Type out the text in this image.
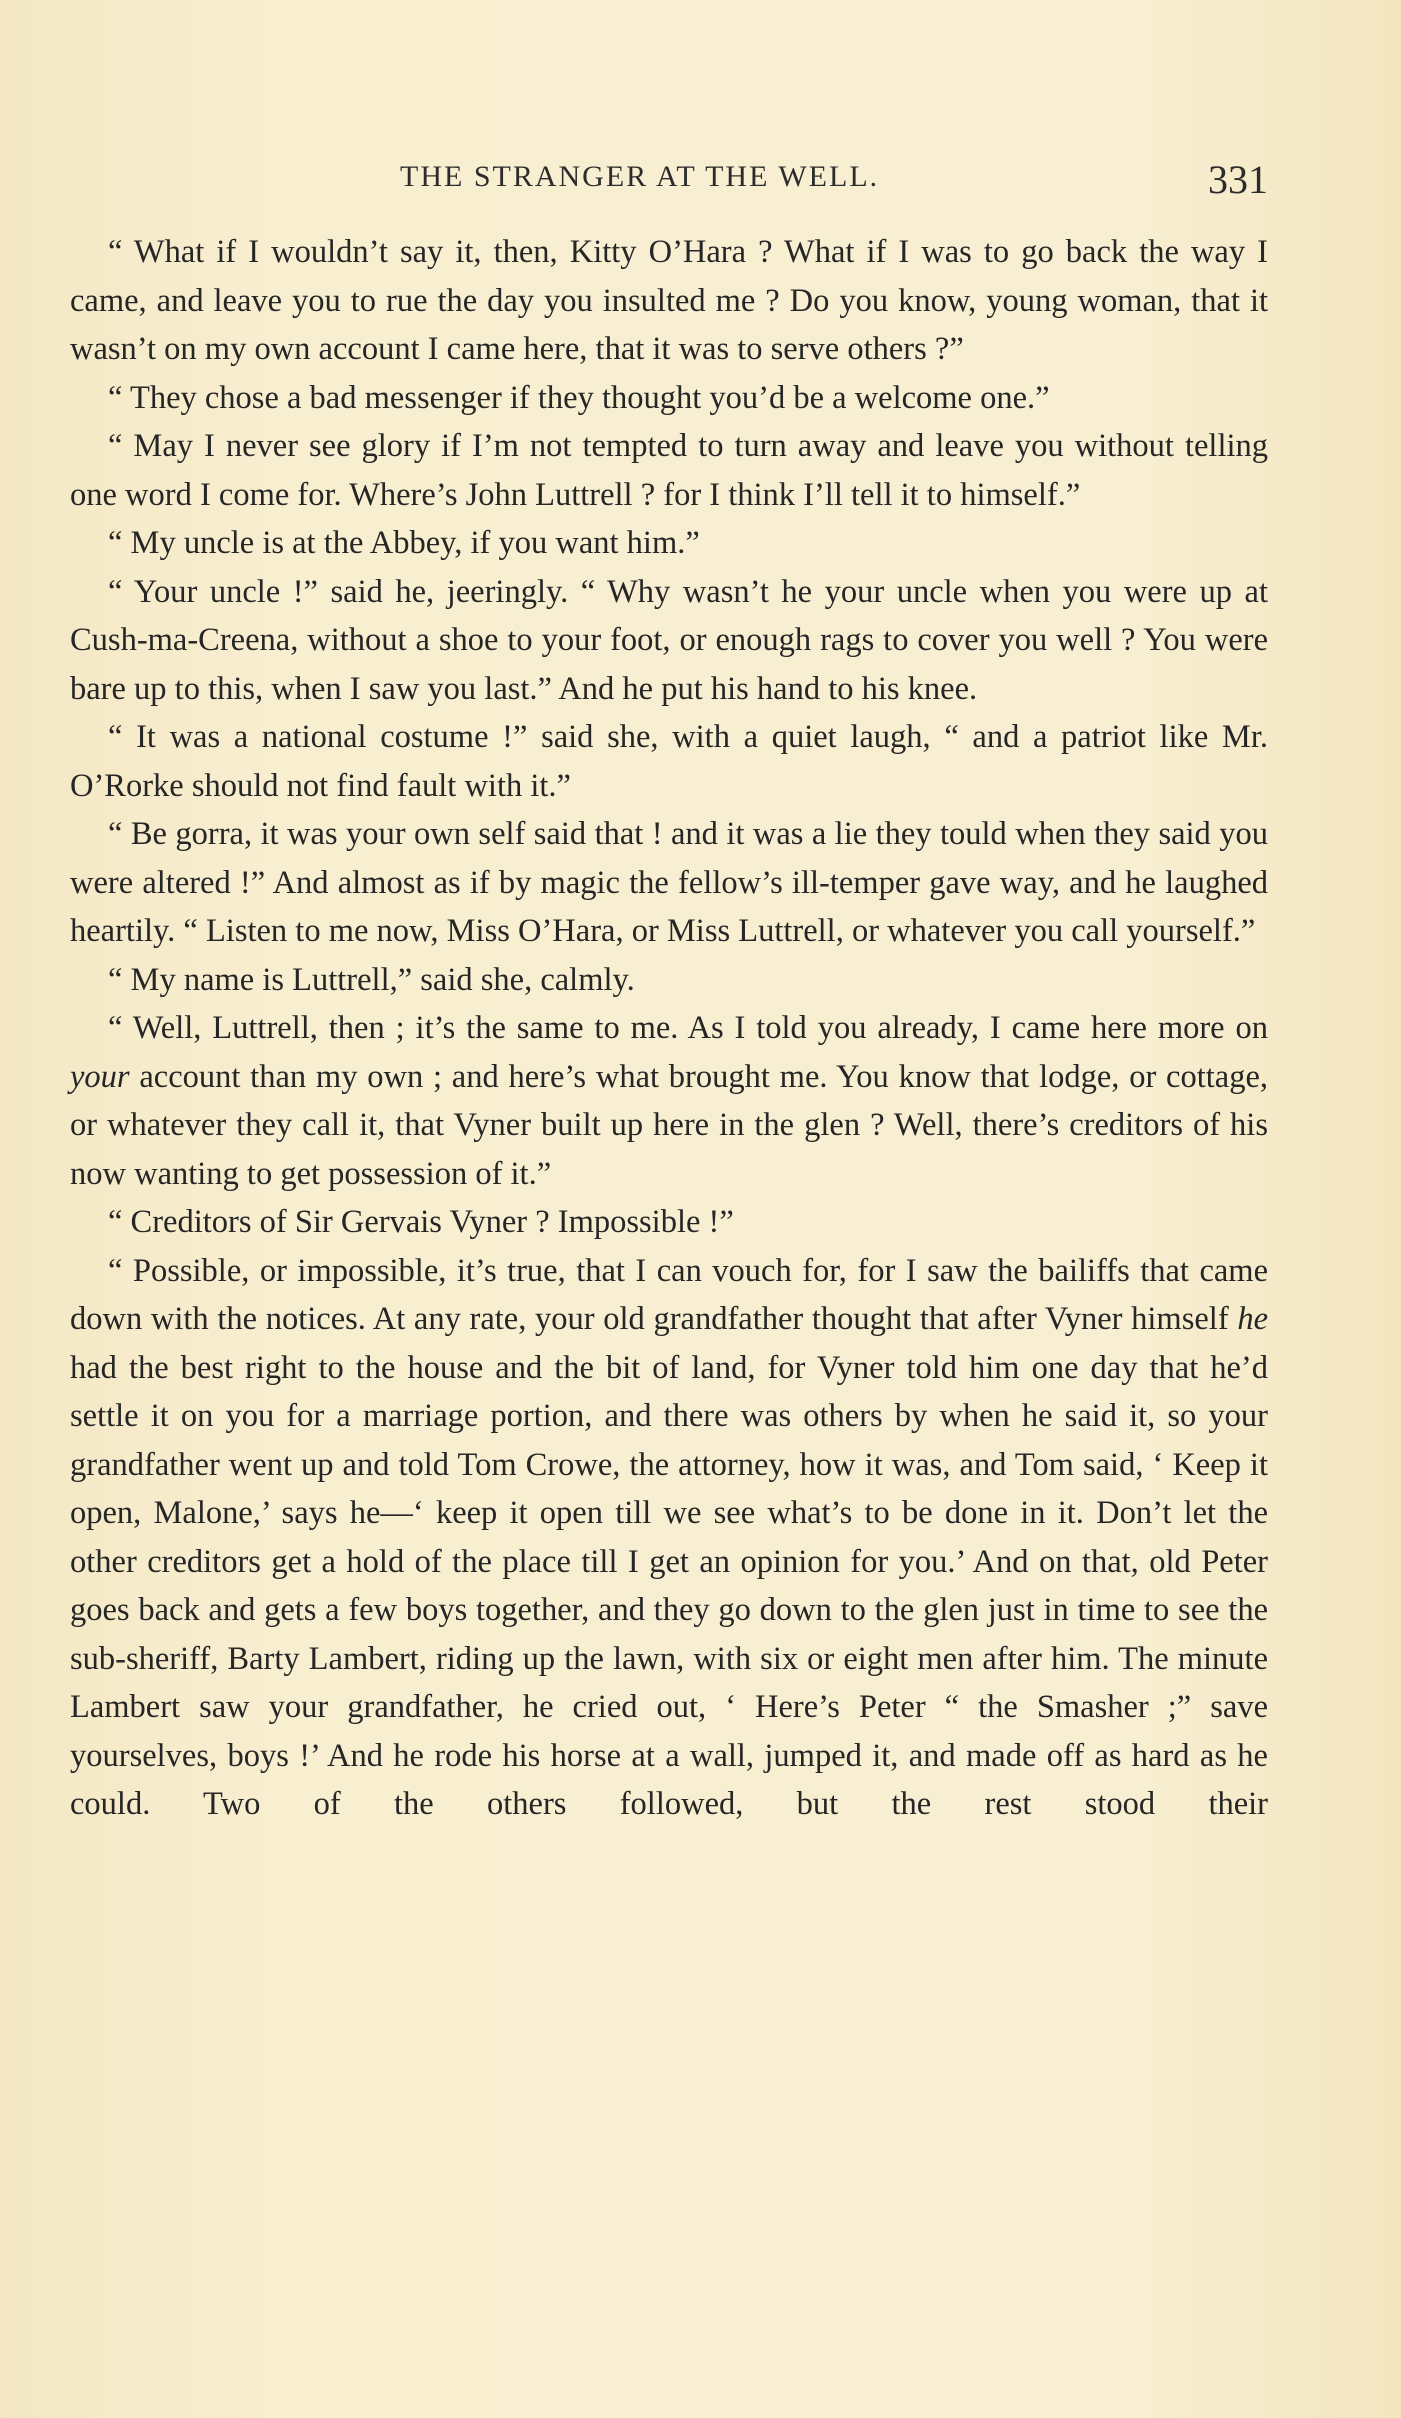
THE STRANGER AT THE WELL.	331

“ What if I wouldn’t say it, then, Kitty O’Hara ? What if I was to go back the way I came, and leave you to rue the day you insulted me ? Do you know, young woman, that it wasn’t on my own account I came here, that it was to serve others ?”

“ They chose a bad messenger if they thought you’d be a welcome one.”

“ May I never see glory if I’m not tempted to turn away and leave you without telling one word I come for. Where’s John Luttrell ? for I think I’ll tell it to himself.”

“ My uncle is at the Abbey, if you want him.”

“ Your uncle !” said he, jeeringly. “ Why wasn’t he your uncle when you were up at Cush-ma-Creena, without a shoe to your foot, or enough rags to cover you well ? You were bare up to this, when I saw you last.” And he put his hand to his knee.

“ It was a national costume !” said she, with a quiet laugh, “ and a patriot like Mr. O’Rorke should not find fault with it.”

“ Be gorra, it was your own self said that ! and it was a lie they tould when they said you were altered !” And almost as if by magic the fellow’s ill-temper gave way, and he laughed heartily. “ Listen to me now, Miss O’Hara, or Miss Luttrell, or whatever you call yourself.”

“ My name is Luttrell,” said she, calmly.

“ Well, Luttrell, then ; it’s the same to me. As I told you already, I came here more on your account than my own ; and here’s what brought me. You know that lodge, or cottage, or whatever they call it, that Vyner built up here in the glen ? Well, there’s creditors of his now wanting to get possession of it.”

“ Creditors of Sir Gervais Vyner ? Impossible !”

“ Possible, or impossible, it’s true, that I can vouch for, for I saw the bailiffs that came down with the notices. At any rate, your old grandfather thought that after Vyner himself he had the best right to the house and the bit of land, for Vyner told him one day that he’d settle it on you for a marriage portion, and there was others by when he said it, so your grandfather went up and told Tom Crowe, the attorney, how it was, and Tom said, ‘ Keep it open, Malone,’ says he—‘ keep it open till we see what’s to be done in it. Don’t let the other creditors get a hold of the place till I get an opinion for you.’ And on that, old Peter goes back and gets a few boys together, and they go down to the glen just in time to see the sub-sheriff, Barty Lambert, riding up the lawn, with six or eight men after him. The minute Lambert saw your grandfather, he cried out, ‘ Here’s Peter “ the Smasher ;” save yourselves, boys !’ And he rode his horse at a wall, jumped it, and made off as hard as he could. Two of the others followed, but the rest stood their
